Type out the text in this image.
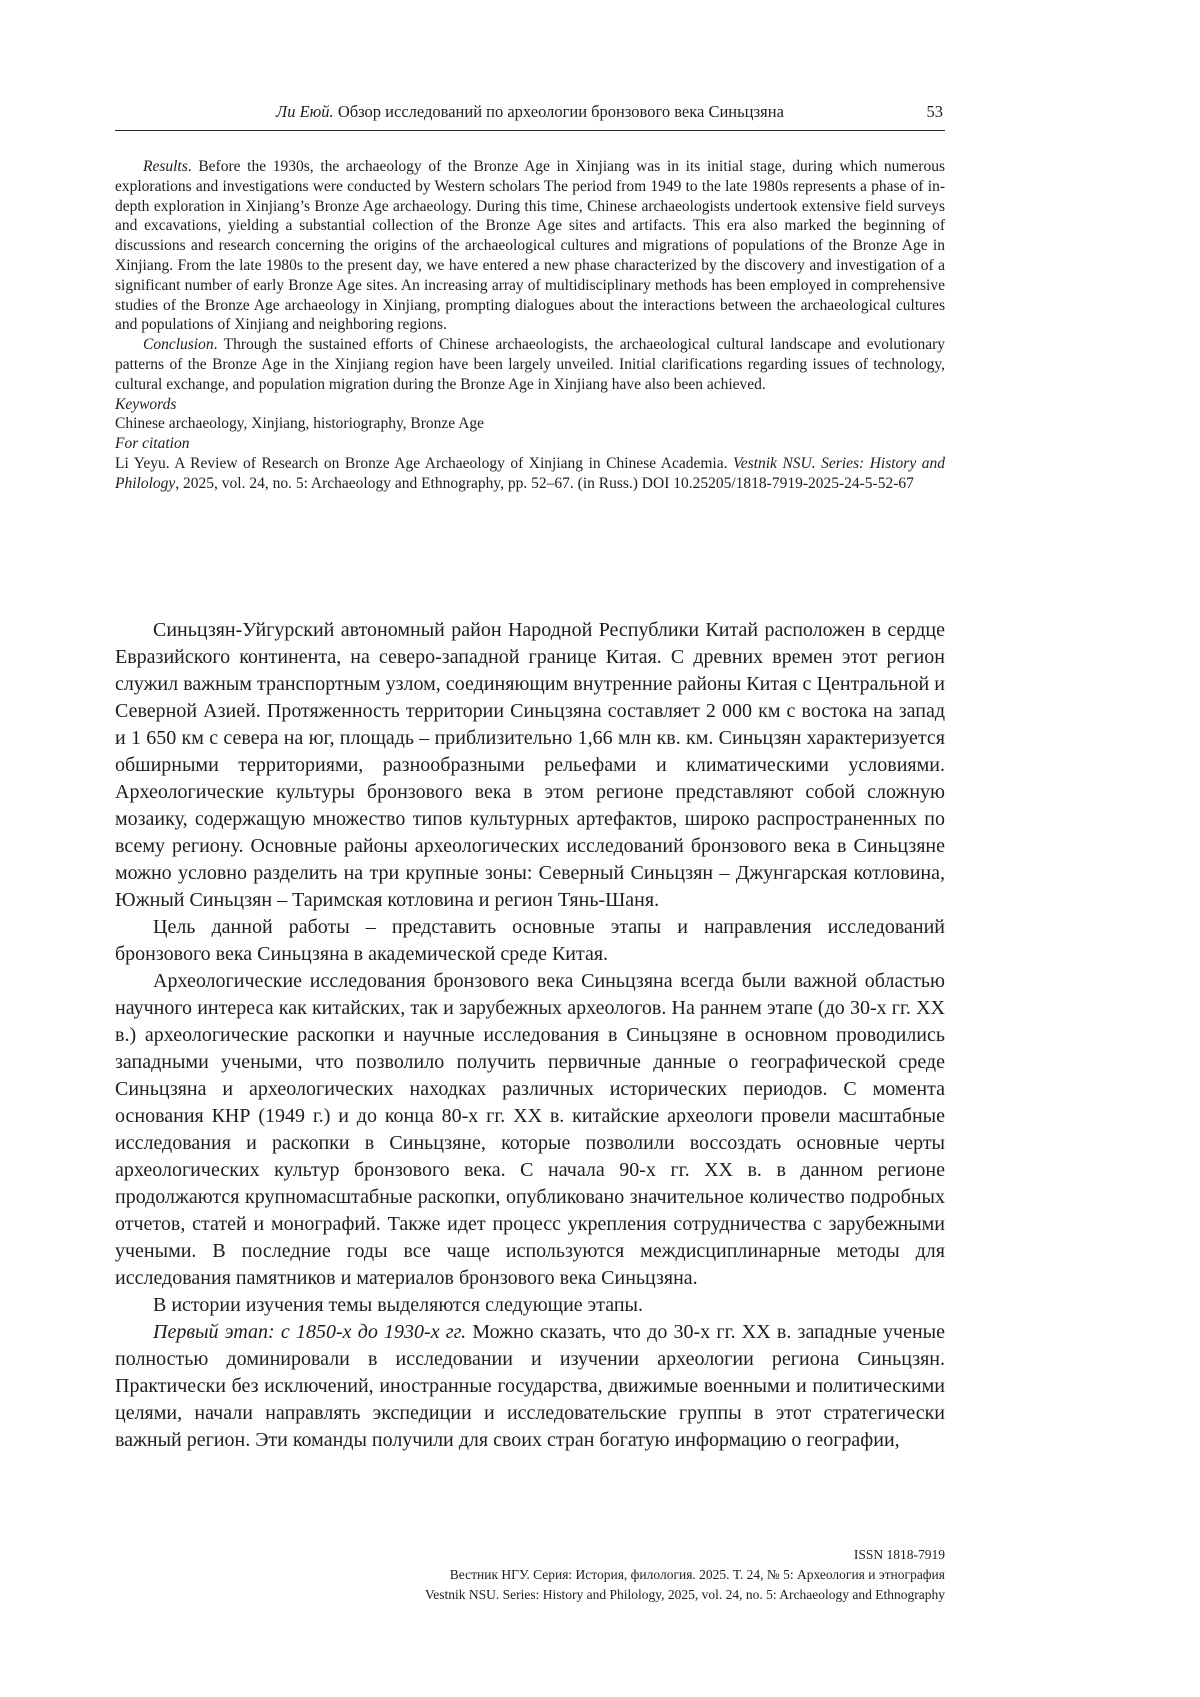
Ли Еюй. Обзор исследований по археологии бронзового века Синьцзяна	53

Results. Before the 1930s, the archaeology of the Bronze Age in Xinjiang was in its initial stage, during which numerous explorations and investigations were conducted by Western scholars The period from 1949 to the late 1980s represents a phase of in-depth exploration in Xinjiang’s Bronze Age archaeology. During this time, Chinese archaeologists undertook extensive field surveys and excavations, yielding a substantial collection of the Bronze Age sites and artifacts. This era also marked the beginning of discussions and research concerning the origins of the archaeological cultures and migrations of populations of the Bronze Age in Xinjiang. From the late 1980s to the present day, we have entered a new phase characterized by the discovery and investigation of a significant number of early Bronze Age sites. An increasing array of multidisciplinary methods has been employed in comprehensive studies of the Bronze Age archaeology in Xinjiang, prompting dialogues about the interactions between the archaeological cultures and populations of Xinjiang and neighboring regions.

Conclusion. Through the sustained efforts of Chinese archaeologists, the archaeological cultural landscape and evolutionary patterns of the Bronze Age in the Xinjiang region have been largely unveiled. Initial clarifications regarding issues of technology, cultural exchange, and population migration during the Bronze Age in Xinjiang have also been achieved.

Keywords

Chinese archaeology, Xinjiang, historiography, Bronze Age

For citation

Li Yeyu. A Review of Research on Bronze Age Archaeology of Xinjiang in Chinese Academia. Vestnik NSU. Series: History and Philology, 2025, vol. 24, no. 5: Archaeology and Ethnography, pp. 52–67. (in Russ.) DOI 10.25205/1818-7919-2025-24-5-52-67

Синьцзян-Уйгурский автономный район Народной Республики Китай расположен в сердце Евразийского континента, на северо-западной границе Китая. С древних времен этот регион служил важным транспортным узлом, соединяющим внутренние районы Китая с Центральной и Северной Азией. Протяженность территории Синьцзяна составляет 2 000 км с востока на запад и 1 650 км с севера на юг, площадь – приблизительно 1,66 млн кв. км. Синьцзян характеризуется обширными территориями, разнообразными рельефами и климатическими условиями. Археологические культуры бронзового века в этом регионе представляют собой сложную мозаику, содержащую множество типов культурных артефактов, широко распространенных по всему региону. Основные районы археологических исследований бронзового века в Синьцзяне можно условно разделить на три крупные зоны: Северный Синьцзян – Джунгарская котловина, Южный Синьцзян – Таримская котловина и регион Тянь-Шаня.

Цель данной работы – представить основные этапы и направления исследований бронзового века Синьцзяна в академической среде Китая.

Археологические исследования бронзового века Синьцзяна всегда были важной областью научного интереса как китайских, так и зарубежных археологов. На раннем этапе (до 30-х гг. XX в.) археологические раскопки и научные исследования в Синьцзяне в основном проводились западными учеными, что позволило получить первичные данные о географической среде Синьцзяна и археологических находках различных исторических периодов. С момента основания КНР (1949 г.) и до конца 80-х гг. XX в. китайские археологи провели масштабные исследования и раскопки в Синьцзяне, которые позволили воссоздать основные черты археологических культур бронзового века. С начала 90-х гг. XX в. в данном регионе продолжаются крупномасштабные раскопки, опубликовано значительное количество подробных отчетов, статей и монографий. Также идет процесс укрепления сотрудничества с зарубежными учеными. В последние годы все чаще используются междисциплинарные методы для исследования памятников и материалов бронзового века Синьцзяна.

В истории изучения темы выделяются следующие этапы.

Первый этап: с 1850-х до 1930-х гг. Можно сказать, что до 30-х гг. XX в. западные ученые полностью доминировали в исследовании и изучении археологии региона Синьцзян. Практически без исключений, иностранные государства, движимые военными и политическими целями, начали направлять экспедиции и исследовательские группы в этот стратегически важный регион. Эти команды получили для своих стран богатую информацию о географии,

ISSN 1818-7919
Вестник НГУ. Серия: История, филология. 2025. Т. 24, № 5: Археология и этнография
Vestnik NSU. Series: History and Philology, 2025, vol. 24, no. 5: Archaeology and Ethnography
